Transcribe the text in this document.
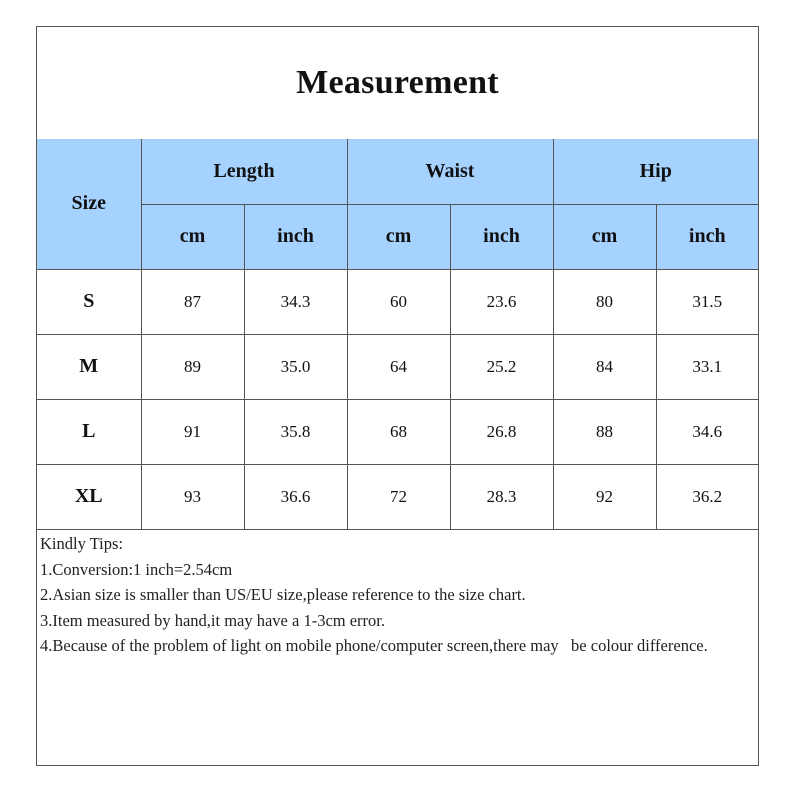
Measurement
Size	Length		Waist		Hip	
	cm	inch	cm	inch	cm	inch
S	87	34.3	60	23.6	80	31.5
M	89	35.0	64	25.2	84	33.1
L	91	35.8	68	26.8	88	34.6
XL	93	36.6	72	28.3	92	36.2
Kindly Tips:
1.Conversion:1 inch=2.54cm
2.Asian size is smaller than US/EU size,please reference to the size chart.
3.Item measured by hand,it may have a 1-3cm error.
4.Because of the problem of light on mobile phone/computer screen,there may   be colour difference.
